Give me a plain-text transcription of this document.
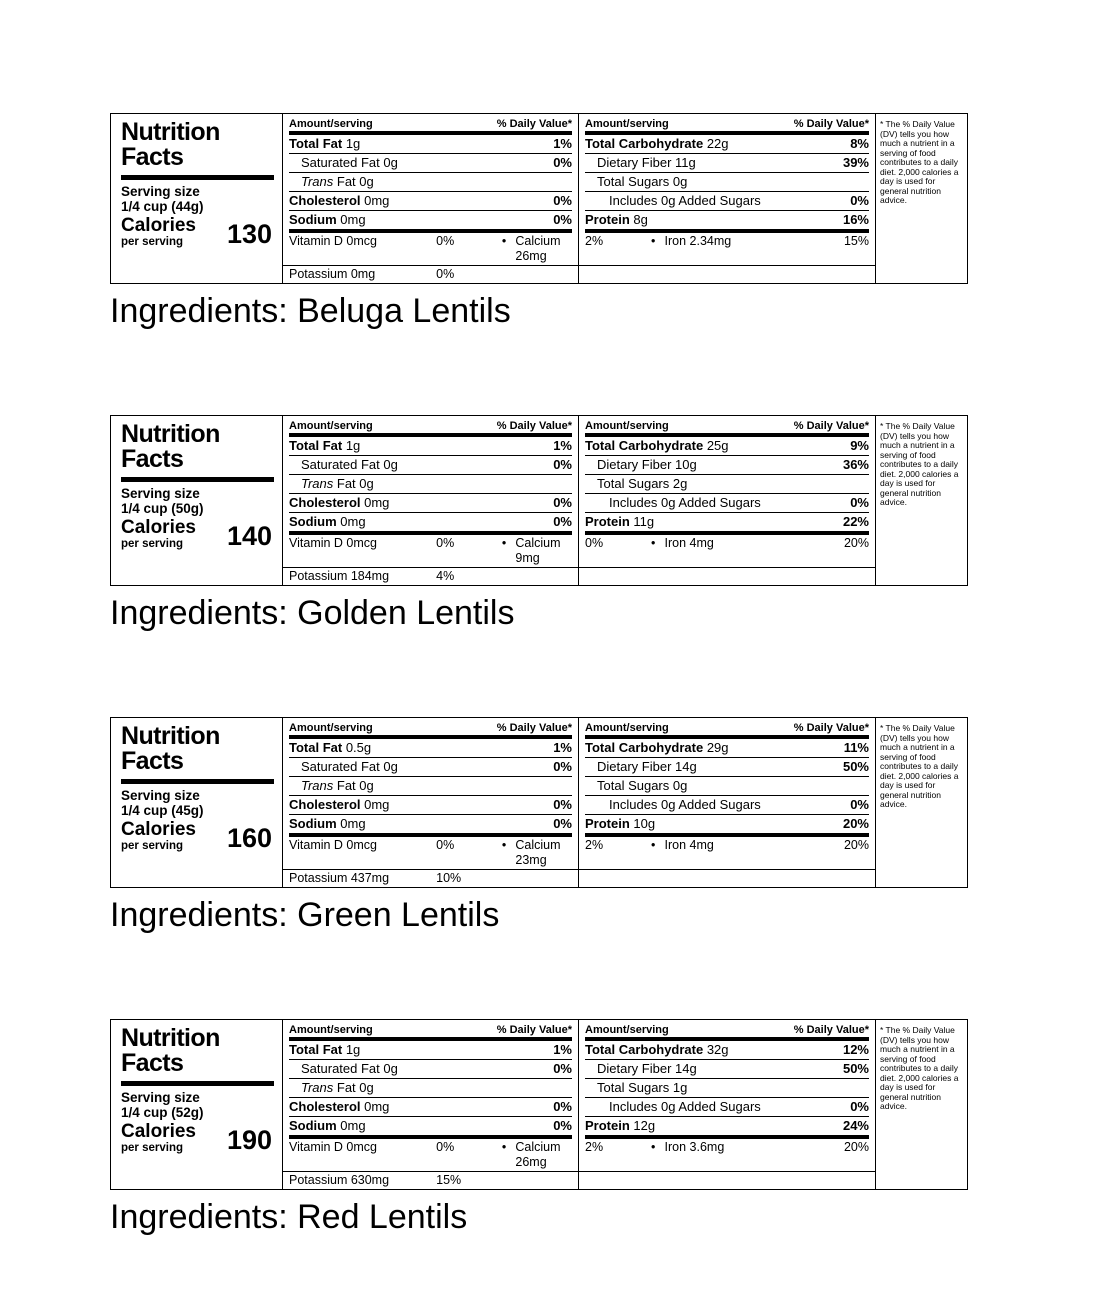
Nutrition
Facts
Serving size
1/4 cup (44g)
Calories
per serving	130
Amount/serving	% Daily Value*
Total Fat 1g	1%
Saturated Fat 0g	0%
Trans Fat 0g
Cholesterol 0mg	0%
Sodium 0mg	0%
Amount/serving	% Daily Value*
Total Carbohydrate 22g	8%
Dietary Fiber 11g	39%
Total Sugars 0g
Includes 0g Added Sugars	0%
Protein 8g	16%
Vitamin D 0mcg	0%	• Calcium 26mg
2%	• Iron 2.34mg	15%
Potassium 0mg	0%
* The % Daily Value (DV) tells you how much a nutrient in a serving of food contributes to a daily diet. 2,000 calories a day is used for general nutrition advice.
Ingredients: Beluga Lentils
Nutrition
Facts
Serving size
1/4 cup (50g)
Calories
per serving	140
Amount/serving	% Daily Value*
Total Fat 1g	1%
Saturated Fat 0g	0%
Trans Fat 0g
Cholesterol 0mg	0%
Sodium 0mg	0%
Amount/serving	% Daily Value*
Total Carbohydrate 25g	9%
Dietary Fiber 10g	36%
Total Sugars 2g
Includes 0g Added Sugars	0%
Protein 11g	22%
Vitamin D 0mcg	0%	• Calcium 9mg
0%	• Iron 4mg	20%
Potassium 184mg	4%
* The % Daily Value (DV) tells you how much a nutrient in a serving of food contributes to a daily diet. 2,000 calories a day is used for general nutrition advice.
Ingredients: Golden Lentils
Nutrition
Facts
Serving size
1/4 cup (45g)
Calories
per serving	160
Amount/serving	% Daily Value*
Total Fat 0.5g	1%
Saturated Fat 0g	0%
Trans Fat 0g
Cholesterol 0mg	0%
Sodium 0mg	0%
Amount/serving	% Daily Value*
Total Carbohydrate 29g	11%
Dietary Fiber 14g	50%
Total Sugars 0g
Includes 0g Added Sugars	0%
Protein 10g	20%
Vitamin D 0mcg	0%	• Calcium 23mg
2%	• Iron 4mg	20%
Potassium 437mg	10%
* The % Daily Value (DV) tells you how much a nutrient in a serving of food contributes to a daily diet. 2,000 calories a day is used for general nutrition advice.
Ingredients: Green Lentils
Nutrition
Facts
Serving size
1/4 cup (52g)
Calories
per serving	190
Amount/serving	% Daily Value*
Total Fat 1g	1%
Saturated Fat 0g	0%
Trans Fat 0g
Cholesterol 0mg	0%
Sodium 0mg	0%
Amount/serving	% Daily Value*
Total Carbohydrate 32g	12%
Dietary Fiber 14g	50%
Total Sugars 1g
Includes 0g Added Sugars	0%
Protein 12g	24%
Vitamin D 0mcg	0%	• Calcium 26mg
2%	• Iron 3.6mg	20%
Potassium 630mg	15%
* The % Daily Value (DV) tells you how much a nutrient in a serving of food contributes to a daily diet. 2,000 calories a day is used for general nutrition advice.
Ingredients: Red Lentils
